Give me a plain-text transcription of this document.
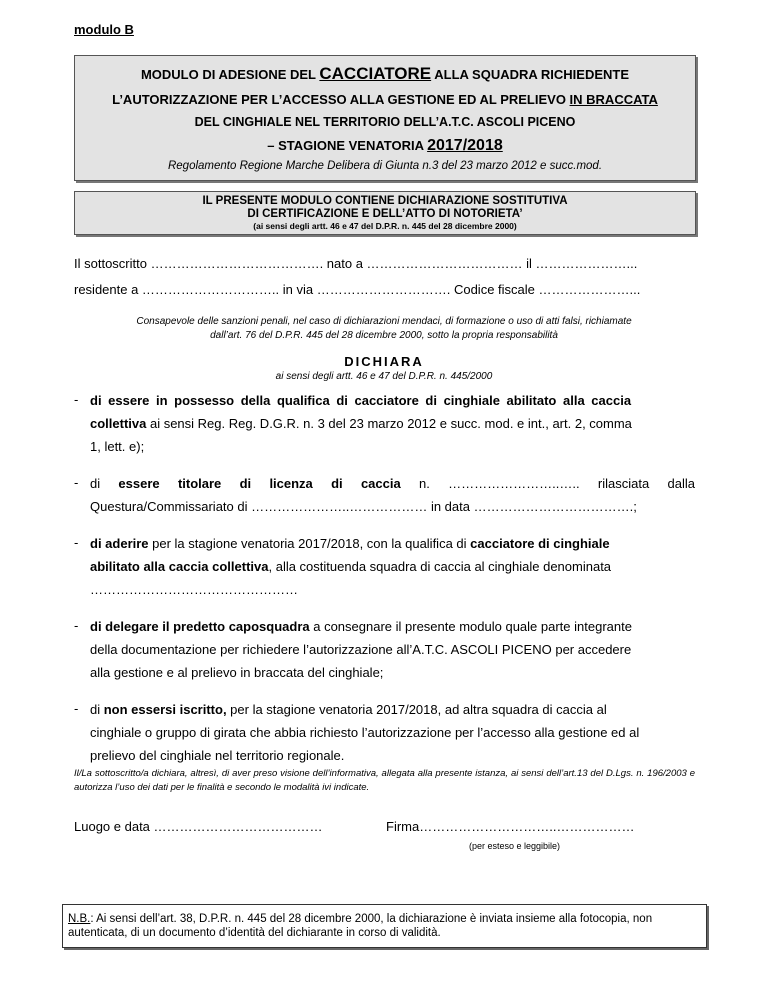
modulo B
MODULO DI ADESIONE DEL CACCIATORE ALLA SQUADRA RICHIEDENTE
L’AUTORIZZAZIONE PER L’ACCESSO ALLA GESTIONE ED AL PRELIEVO IN BRACCATA
DEL CINGHIALE NEL TERRITORIO DELL’A.T.C. ASCOLI PICENO
– STAGIONE VENATORIA 2017/2018
Regolamento Regione Marche Delibera di Giunta n.3 del 23 marzo 2012 e succ.mod.
IL PRESENTE MODULO CONTIENE DICHIARAZIONE SOSTITUTIVA
DI CERTIFICAZIONE E DELL’ATTO DI NOTORIETA’
(ai sensi degli artt. 46 e 47 del D.P.R. n. 445 del 28 dicembre 2000)
Il sottoscritto …………………………………. nato a ……………………………… il …………………...
residente a ………………………….. in via …………………………. Codice fiscale …………………...
Consapevole delle sanzioni penali, nel caso di dichiarazioni mendaci, di formazione o uso di atti falsi, richiamate
dall’art. 76 del D.P.R. 445 del 28 dicembre 2000, sotto la propria responsabilità
DICHIARA
ai sensi degli artt. 46 e 47 del D.P.R. n. 445/2000
- di essere in possesso della qualifica di cacciatore di cinghiale abilitato alla caccia
collettiva ai sensi Reg. Reg. D.G.R. n. 3 del 23 marzo 2012 e succ. mod. e int., art. 2, comma
1, lett. e);
- di essere titolare di licenza di caccia n. ……………………..….. rilasciata dalla
Questura/Commissariato di …………………..……………… in data ……………………………….;
- di aderire per la stagione venatoria 2017/2018, con la qualifica di cacciatore di cinghiale
abilitato alla caccia collettiva, alla costituenda squadra di caccia al cinghiale denominata
…………………………………………
- di delegare il predetto caposquadra a consegnare il presente modulo quale parte integrante
della documentazione per richiedere l’autorizzazione all’A.T.C. ASCOLI PICENO per accedere
alla gestione e al prelievo in braccata del cinghiale;
- di non essersi iscritto, per la stagione venatoria 2017/2018, ad altra squadra di caccia al
cinghiale o gruppo di girata che abbia richiesto l’autorizzazione per l’accesso alla gestione ed al
prelievo del cinghiale nel territorio regionale.
Il/La sottoscritto/a dichiara, altresì, di aver preso visione dell’informativa, allegata alla presente istanza, ai sensi dell’art.13 del D.Lgs. n. 196/2003 e autorizza l’uso dei dati per le finalità e secondo le modalità ivi indicate.
Luogo e data …………………………………	Firma…………………………..………………
(per esteso e leggibile)
N.B.: Ai sensi dell’art. 38, D.P.R. n. 445 del 28 dicembre 2000, la dichiarazione è inviata insieme alla fotocopia, non autenticata, di un documento d’identità del dichiarante in corso di validità.
